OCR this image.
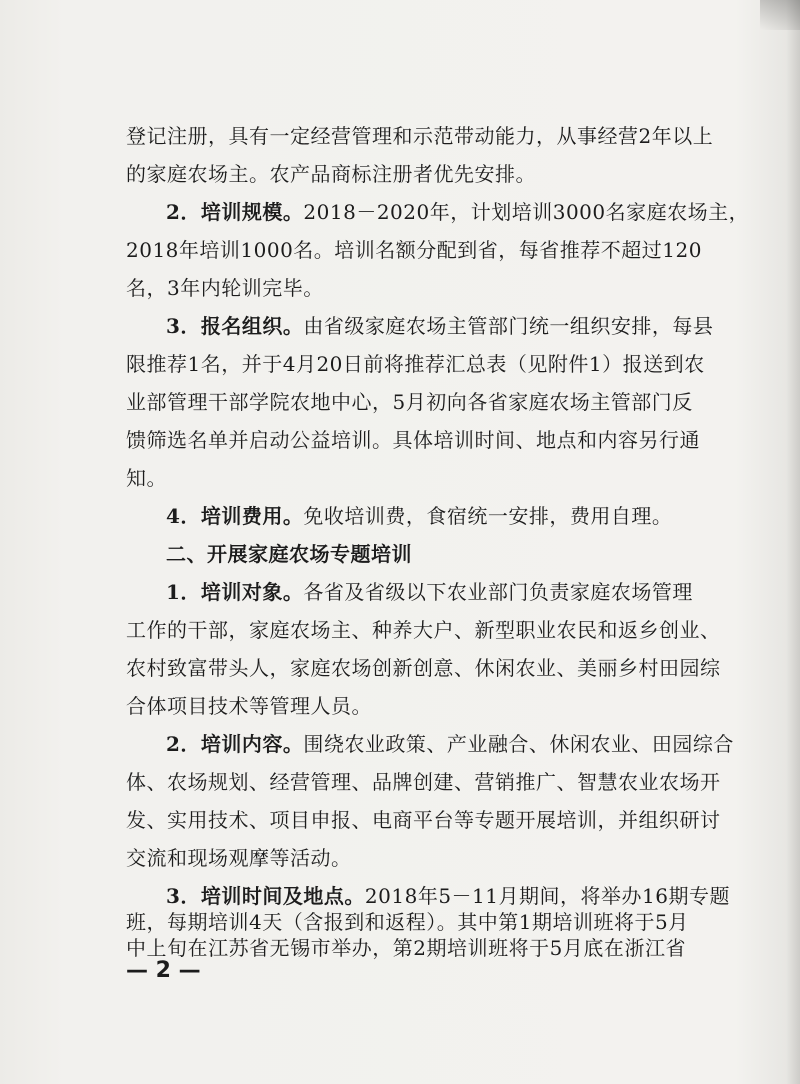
登记注册，具有一定经营管理和示范带动能力，从事经营2年以上
的家庭农场主。农产品商标注册者优先安排。
2．培训规模。2018－2020年，计划培训3000名家庭农场主，
2018年培训1000名。培训名额分配到省，每省推荐不超过120
名，3年内轮训完毕。
3．报名组织。由省级家庭农场主管部门统一组织安排，每县
限推荐1名，并于4月20日前将推荐汇总表（见附件1）报送到农
业部管理干部学院农地中心，5月初向各省家庭农场主管部门反
馈筛选名单并启动公益培训。具体培训时间、地点和内容另行通
知。
4．培训费用。免收培训费，食宿统一安排，费用自理。
二、开展家庭农场专题培训
1．培训对象。各省及省级以下农业部门负责家庭农场管理
工作的干部，家庭农场主、种养大户、新型职业农民和返乡创业、
农村致富带头人，家庭农场创新创意、休闲农业、美丽乡村田园综
合体项目技术等管理人员。
2．培训内容。围绕农业政策、产业融合、休闲农业、田园综合
体、农场规划、经营管理、品牌创建、营销推广、智慧农业农场开
发、实用技术、项目申报、电商平台等专题开展培训，并组织研讨
交流和现场观摩等活动。
3．培训时间及地点。2018年5－11月期间，将举办16期专题
班，每期培训4天（含报到和返程）。其中第1期培训班将于5月
中上旬在江苏省无锡市举办，第2期培训班将于5月底在浙江省
— 2 —
